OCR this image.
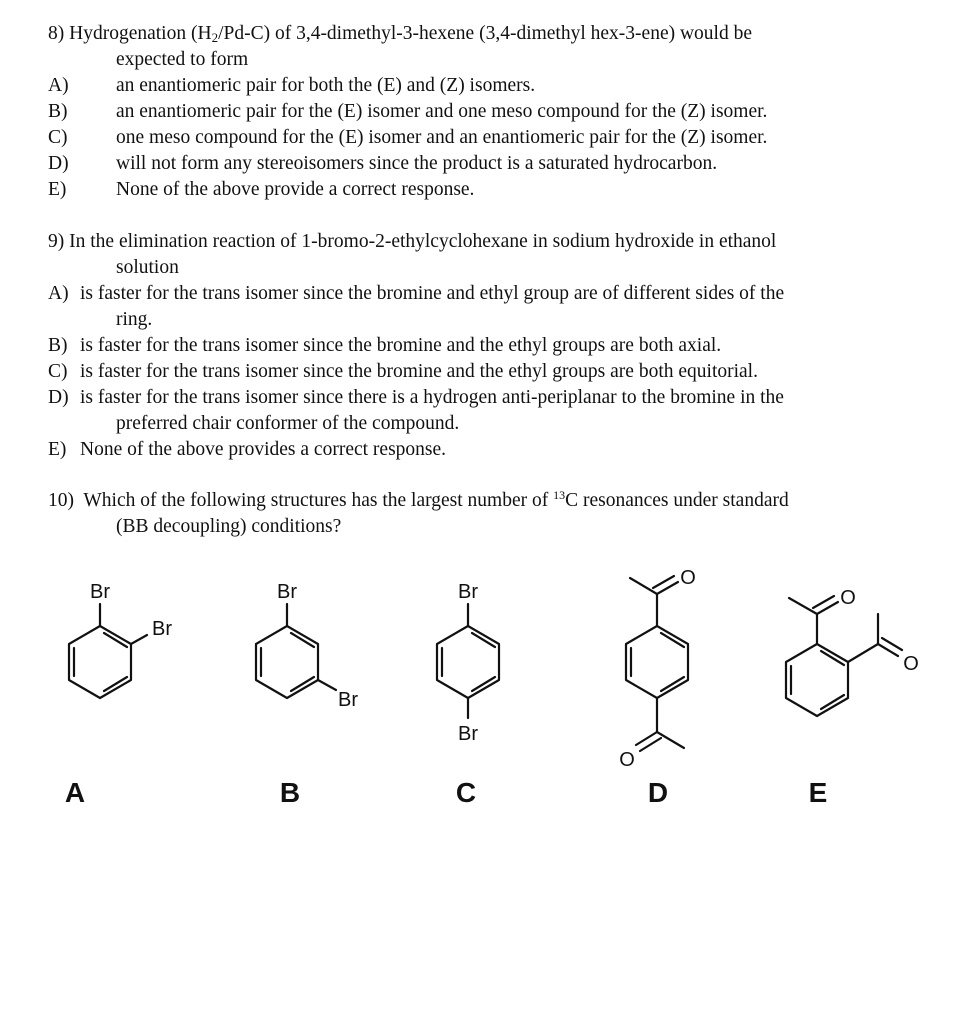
8) Hydrogenation $(H_2/Pd-C)$ of 3,4-dimethyl-3-hexene (3,4-dimethyl hex-3-ene) would be
expected to form
A) an enantiomeric pair for both the (E) and (Z) isomers.
B) an enantiomeric pair for the (E) isomer and one meso compound for the (Z) isomer.
C) one meso compound for the (E) isomer and an enantiomeric pair for the (Z) isomer.
D) will not form any stereoisomers since the product is a saturated hydrocarbon.
E)	None of the above provide a correct response.
9) In the elimination reaction of 1-bromo-2-ethylcyclohexane in sodium hydroxide in ethanol
solution
A) is faster for the trans isomer since the bromine and ethyl group are of different sides of the
ring.
B) is faster for the trans isomer since the bromine and the ethyl groups are both axial.
C) is faster for the trans isomer since the bromine and the ethyl groups are both equitorial.
D) is faster for the trans isomer since there is a hydrogen anti-periplanar to the bromine in the
preferred chair conformer of the compound.
E) None of the above provides a correct response.
10) Which of the following structures has the largest number of $^{13}$C resonances under standard
(BB decoupling) conditions?
Br
Br
Br
Br
Br
Br
O
O
O
O
A	B	C	D	E
